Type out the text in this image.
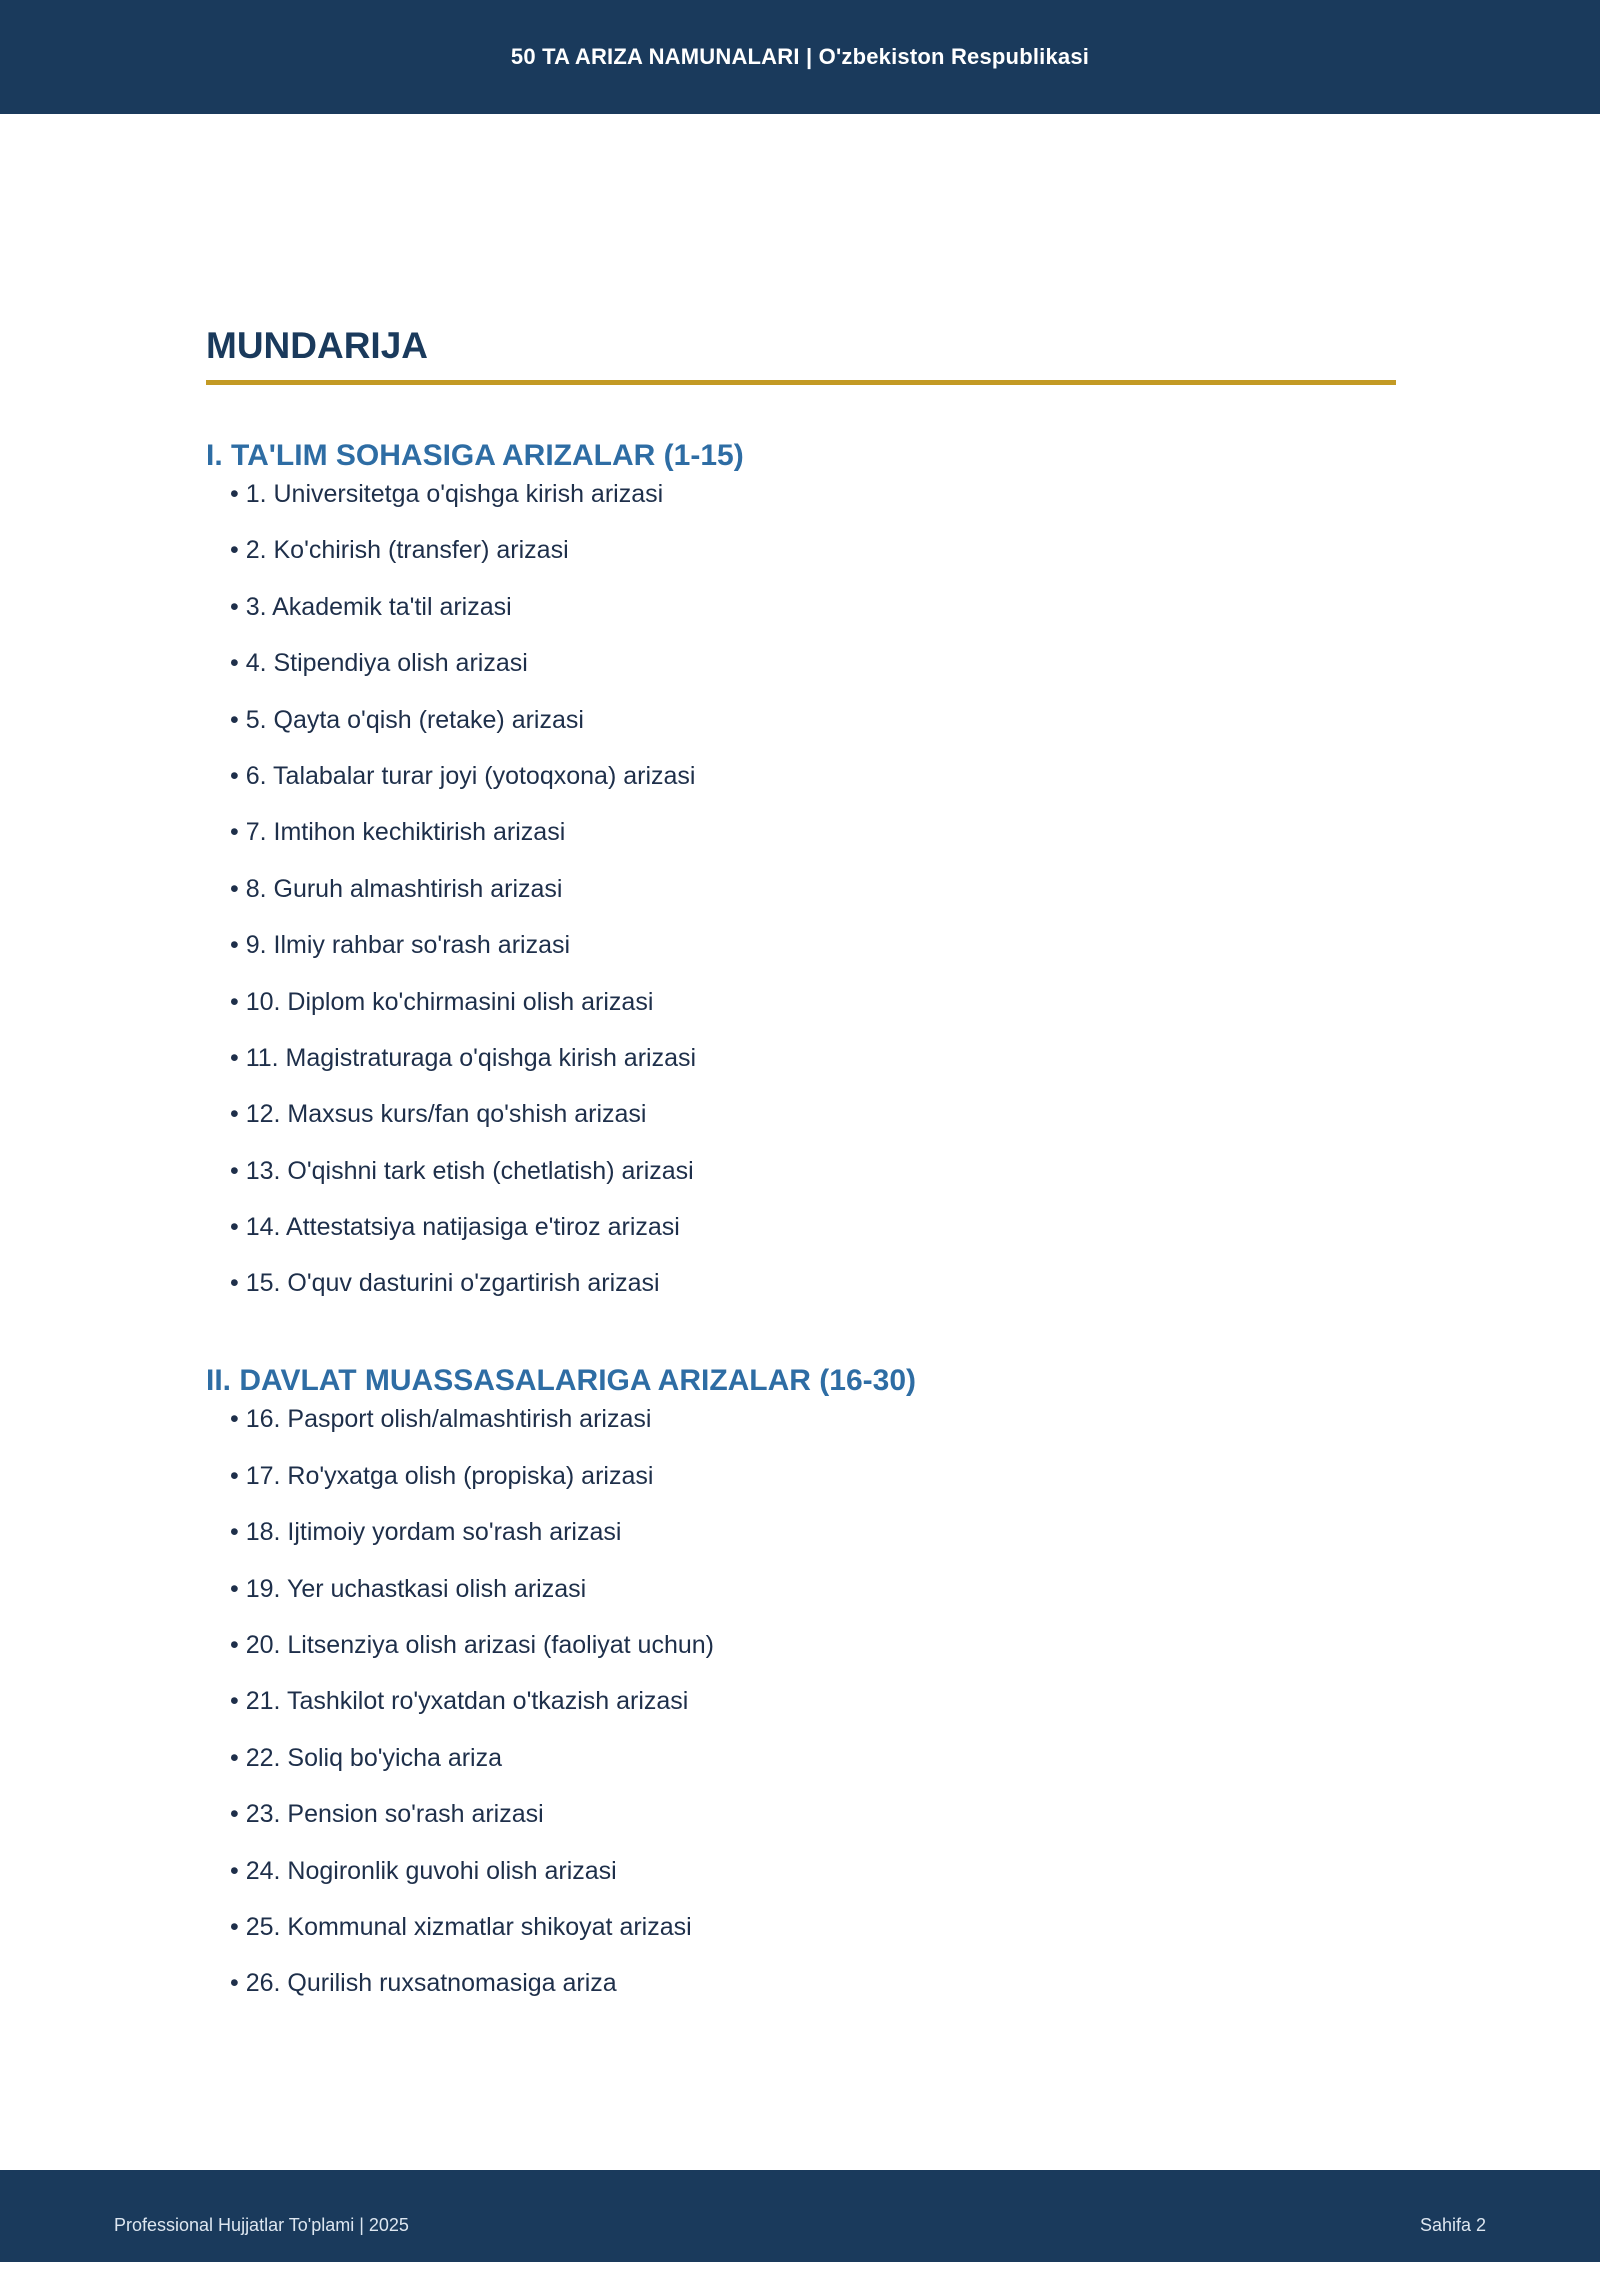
50 TA ARIZA NAMUNALARI | O'zbekiston Respublikasi
MUNDARIJA
I. TA'LIM SOHASIGA ARIZALAR (1-15)
• 1. Universitetga o'qishga kirish arizasi
• 2. Ko'chirish (transfer) arizasi
• 3. Akademik ta'til arizasi
• 4. Stipendiya olish arizasi
• 5. Qayta o'qish (retake) arizasi
• 6. Talabalar turar joyi (yotoqxona) arizasi
• 7. Imtihon kechiktirish arizasi
• 8. Guruh almashtirish arizasi
• 9. Ilmiy rahbar so'rash arizasi
• 10. Diplom ko'chirmasini olish arizasi
• 11. Magistraturaga o'qishga kirish arizasi
• 12. Maxsus kurs/fan qo'shish arizasi
• 13. O'qishni tark etish (chetlatish) arizasi
• 14. Attestatsiya natijasiga e'tiroz arizasi
• 15. O'quv dasturini o'zgartirish arizasi
II. DAVLAT MUASSASALARIGA ARIZALAR (16-30)
• 16. Pasport olish/almashtirish arizasi
• 17. Ro'yxatga olish (propiska) arizasi
• 18. Ijtimoiy yordam so'rash arizasi
• 19. Yer uchastkasi olish arizasi
• 20. Litsenziya olish arizasi (faoliyat uchun)
• 21. Tashkilot ro'yxatdan o'tkazish arizasi
• 22. Soliq bo'yicha ariza
• 23. Pension so'rash arizasi
• 24. Nogironlik guvohi olish arizasi
• 25. Kommunal xizmatlar shikoyat arizasi
• 26. Qurilish ruxsatnomasiga ariza
Professional Hujjatlar To'plami | 2025	Sahifa 2
